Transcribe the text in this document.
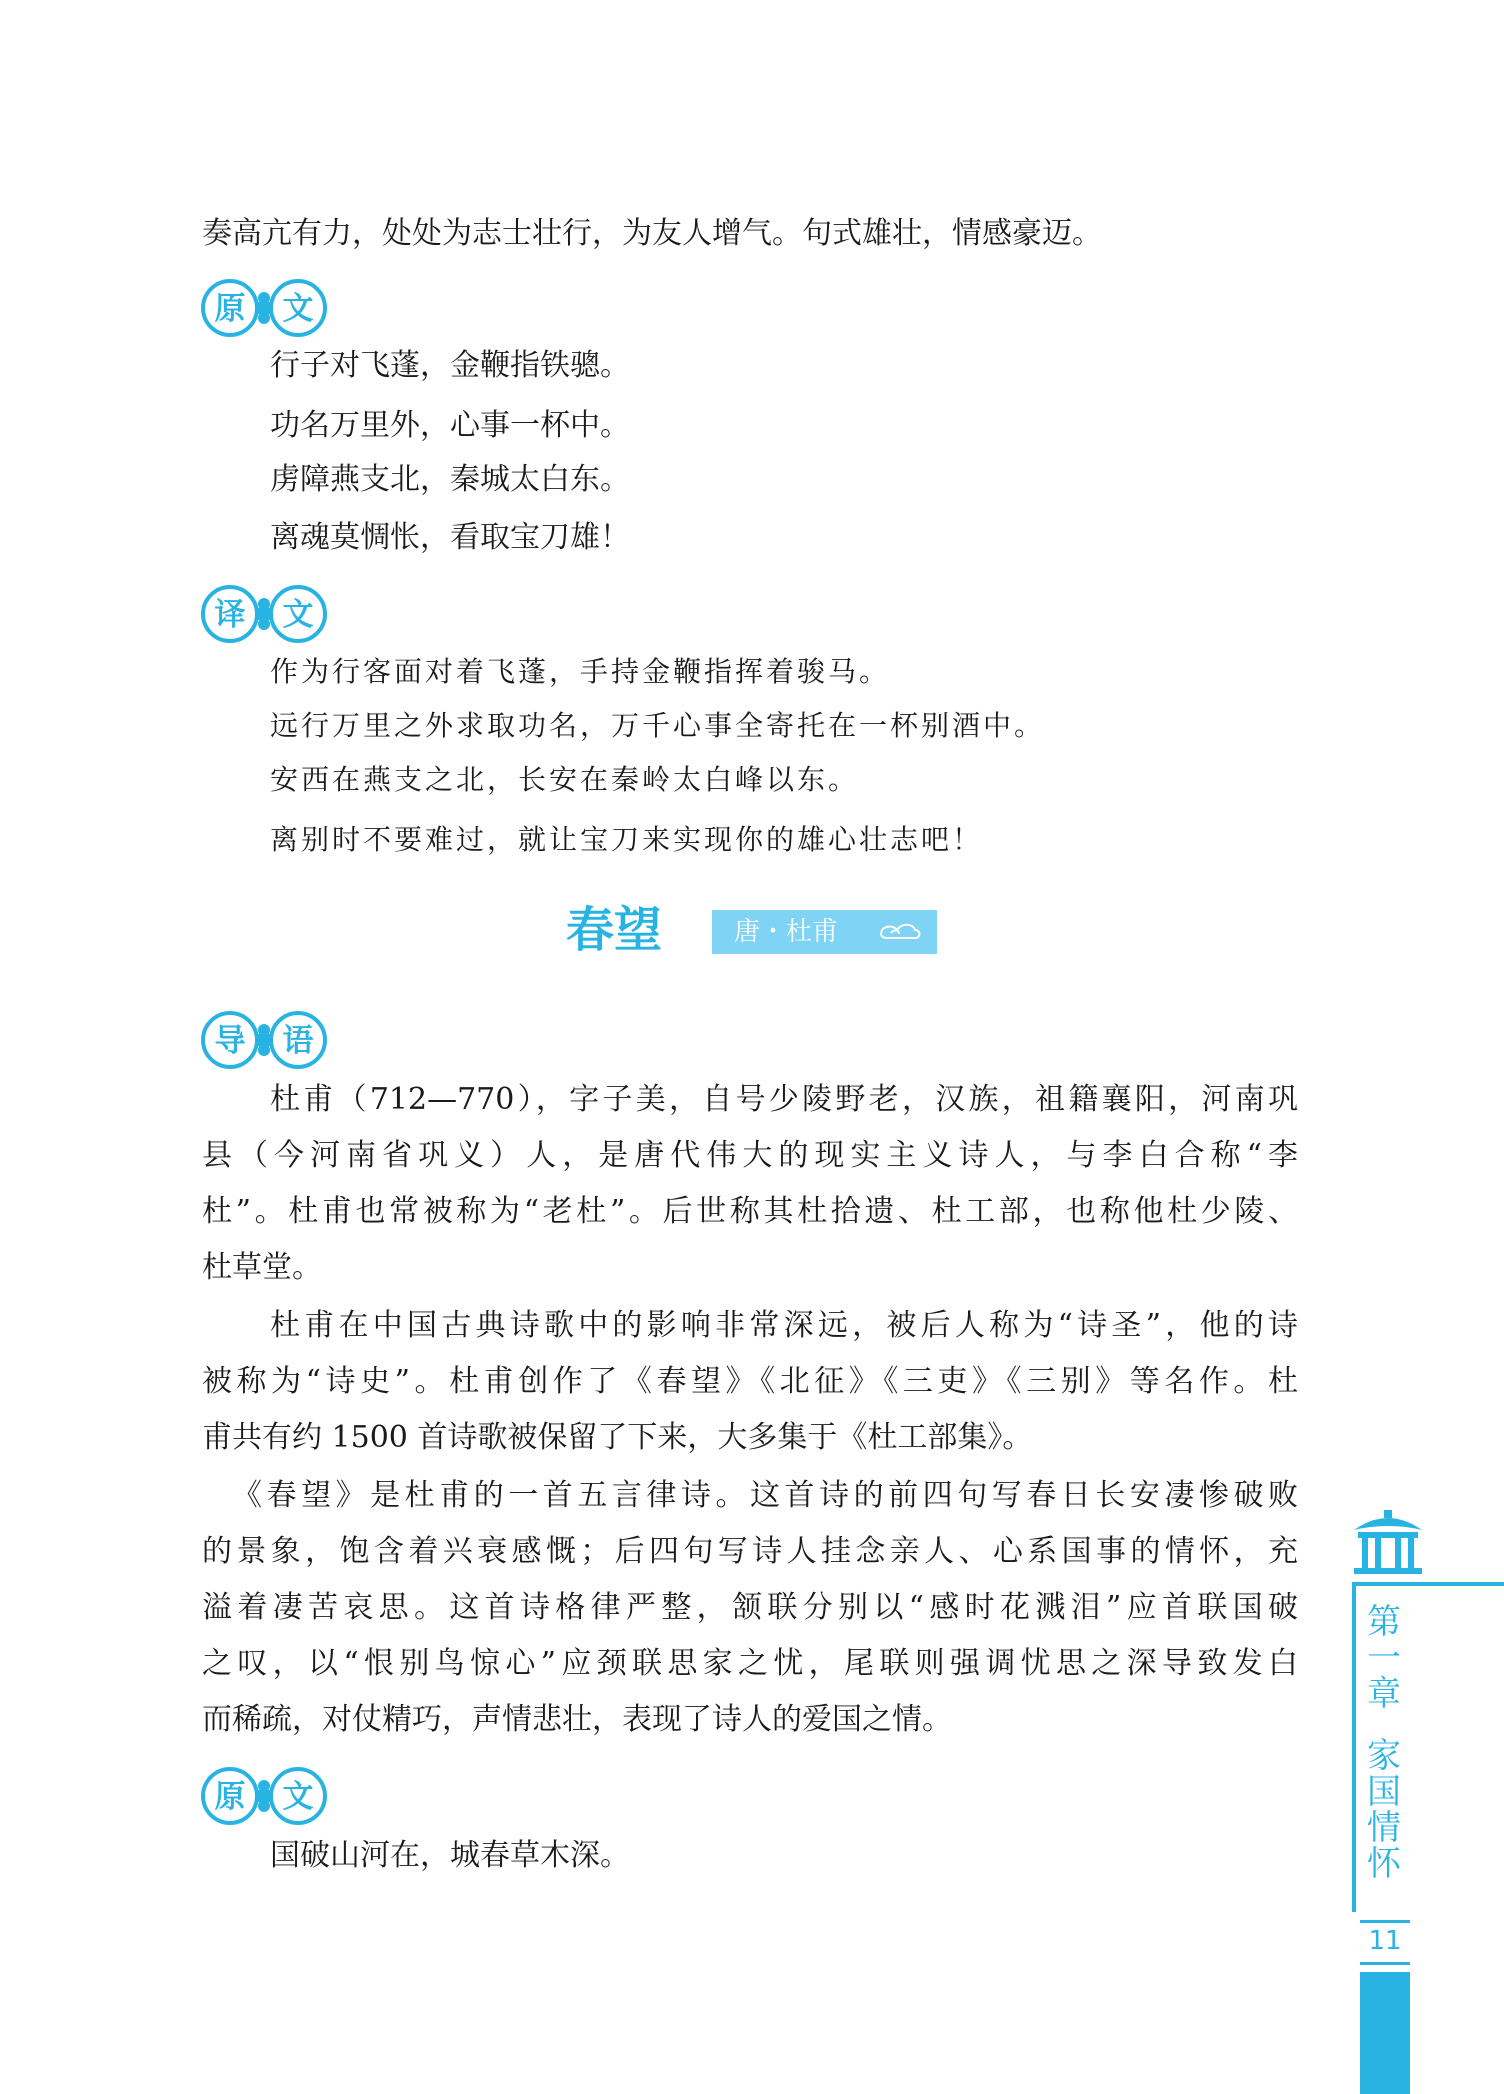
奏高亢有力，处处为志士壮行，为友人增气。句式雄壮，情感豪迈。
原 文
行子对飞蓬，金鞭指铁骢。
功名万里外，心事一杯中。
虏障燕支北，秦城太白东。
离魂莫惆怅，看取宝刀雄！
译 文
作为行客面对着飞蓬，手持金鞭指挥着骏马。
远行万里之外求取功名，万千心事全寄托在一杯别酒中。
安西在燕支之北，长安在秦岭太白峰以东。
离别时不要难过，就让宝刀来实现你的雄心壮志吧！
春望	唐・杜甫
导 语
杜甫（712—770），字子美，自号少陵野老，汉族，祖籍襄阳，河南巩
县（今河南省巩义）人，是唐代伟大的现实主义诗人，与李白合称“李
杜”。杜甫也常被称为“老杜”。后世称其杜拾遗、杜工部，也称他杜少陵、
杜草堂。
杜甫在中国古典诗歌中的影响非常深远，被后人称为“诗圣”，他的诗
被称为“诗史”。杜甫创作了《春望》《北征》《三吏》《三别》等名作。杜
甫共有约 1500 首诗歌被保留了下来，大多集于《杜工部集》。
《春望》是杜甫的一首五言律诗。这首诗的前四句写春日长安凄惨破败
的景象，饱含着兴衰感慨；后四句写诗人挂念亲人、心系国事的情怀，充
溢着凄苦哀思。这首诗格律严整，颔联分别以“感时花溅泪”应首联国破
之叹，以“恨别鸟惊心”应颈联思家之忧，尾联则强调忧思之深导致发白
而稀疏，对仗精巧，声情悲壮，表现了诗人的爱国之情。
原 文
国破山河在，城春草木深。
第
一
章
家
国
情
怀
11
